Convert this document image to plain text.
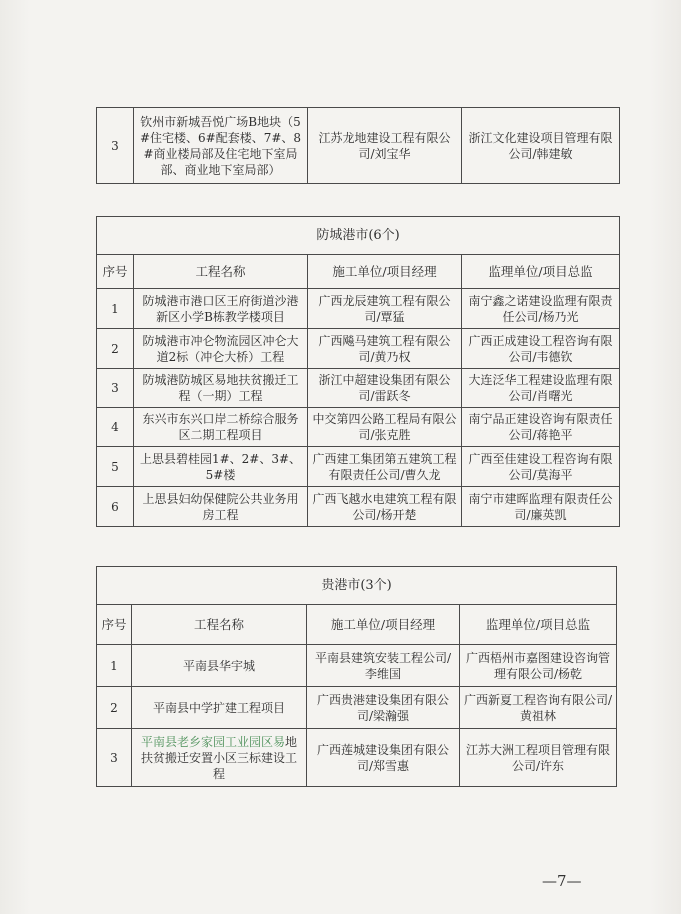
3	钦州市新城吾悦广场B地块（5#住宅楼、6#配套楼、7#、8#商业楼局部及住宅地下室局部、商业地下室局部）	江苏龙地建设工程有限公司/刘宝华	浙江文化建设项目管理有限公司/韩建敏
防城港市(6个)			
序号	工程名称	施工单位/项目经理	监理单位/项目总监
1	防城港市港口区王府街道沙港新区小学B栋教学楼项目	广西龙辰建筑工程有限公司/覃猛	南宁鑫之诺建设监理有限责任公司/杨乃光
2	防城港市冲仑物流园区冲仑大道2标（冲仑大桥）工程	广西飚马建筑工程有限公司/黄乃权	广西正成建设工程咨询有限公司/韦德钦
3	防城港防城区易地扶贫搬迁工程（一期）工程	浙江中超建设集团有限公司/雷跃冬	大连泛华工程建设监理有限公司/肖曙光
4	东兴市东兴口岸二桥综合服务区二期工程项目	中交第四公路工程局有限公司/张克胜	南宁品正建设咨询有限责任公司/蒋艳平
5	上思县碧桂园1#、2#、3#、5#楼	广西建工集团第五建筑工程有限责任公司/曹久龙	广西至佳建设工程咨询有限公司/莫海平
6	上思县妇幼保健院公共业务用房工程	广西飞越水电建筑工程有限公司/杨开楚	南宁市建晖监理有限责任公司/廉英凯
贵港市(3个)			
序号	工程名称	施工单位/项目经理	监理单位/项目总监
1	平南县华宇城	平南县建筑安装工程公司/李维国	广西梧州市嘉图建设咨询管理有限公司/杨乾
2	平南县中学扩建工程项目	广西贵港建设集团有限公司/梁瀚强	广西新夏工程咨询有限公司/黄祖林
3	平南县老乡家园工业园区易地扶贫搬迁安置小区三标建设工程	广西莲城建设集团有限公司/郑雪惠	江苏大洲工程项目管理有限公司/许东
—7—
